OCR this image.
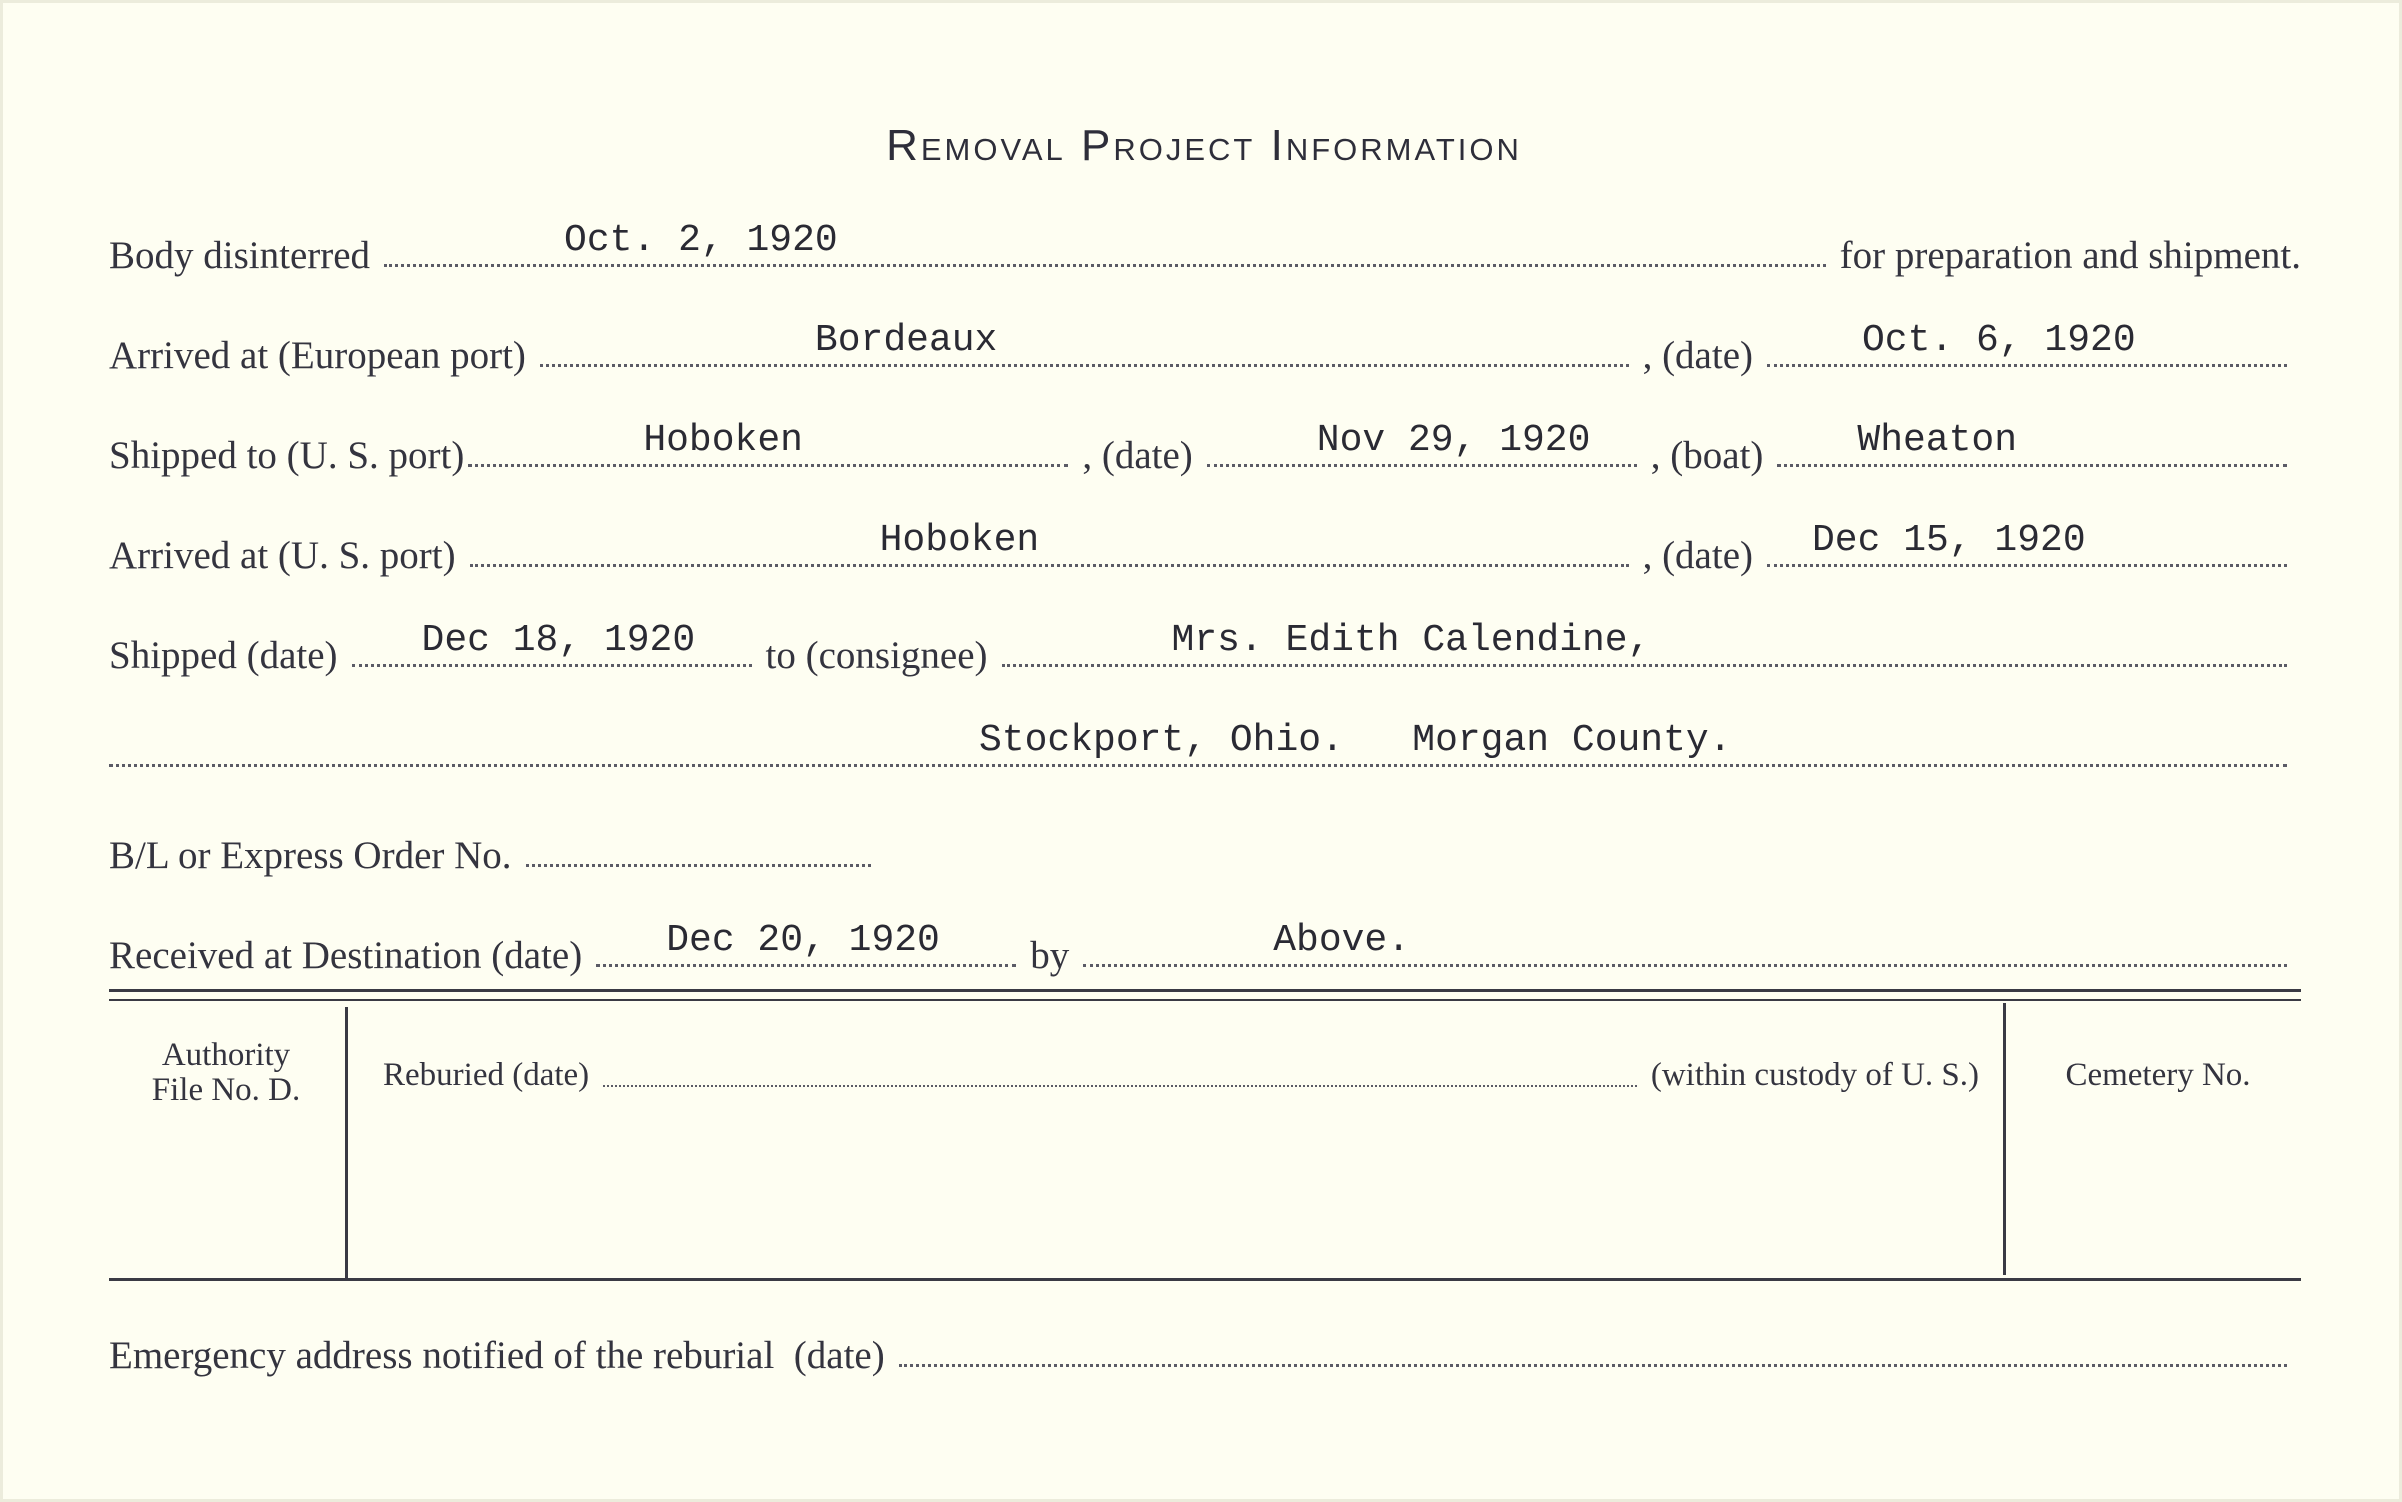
Removal Project Information
Body disinterred	Oct. 2, 1920	for preparation and shipment.
Arrived at (European port)	Bordeaux	, (date)	Oct. 6, 1920
Shipped to (U. S. port)	Hoboken	, (date)	Nov 29, 1920 , (boat) Wheaton
Arrived at (U. S. port)	Hoboken	, (date) Dec 15, 1920
Shipped (date) Dec 18, 1920 to (consignee)	Mrs. Edith Calendine,
Stockport, Ohio.   Morgan County.
B/L or Express Order No.
Received at Destination (date) Dec 20, 1920 by	Above.
Authority
File No. D.	Reburied (date)	(within custody of U. S.)	Cemetery No.
Emergency address notified of the reburial  (date)
